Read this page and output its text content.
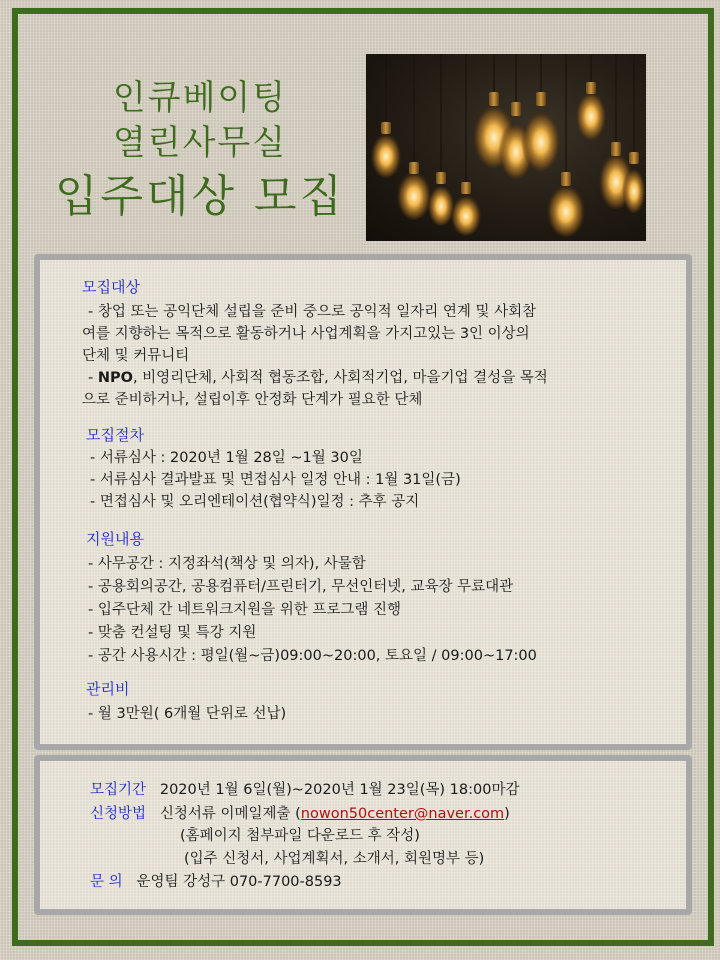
인큐베이팅
열린사무실
입주대상 모집
모집대상

- 창업 또는 공익단체 설립을 준비 중으로 공익적 일자리 연계 및 사회참

여를 지향하는 목적으로 활동하거나 사업계획을 가지고있는 3인 이상의

단체 및 커뮤니티

- NPO, 비영리단체, 사회적 협동조합, 사회적기업, 마을기업 결성을 목적

으로 준비하거나, 설립이후 안정화 단계가 필요한 단체

모집절차

- 서류심사 : 2020년 1월 28일 ~1월 30일

- 서류심사 결과발표 및 면접심사 일정 안내 : 1월 31일(금)

- 면접심사 및 오리엔테이션(협약식)일정 : 추후 공지

지원내용

- 사무공간 : 지정좌석(책상 및 의자), 사물함

- 공용회의공간, 공용컴퓨터/프린터기, 무선인터넷, 교육장 무료대관

- 입주단체 간 네트워크지원을 위한 프로그램 진행

- 맞춤 컨설팅 및 특강 지원

- 공간 사용시간 : 평일(월~금)09:00~20:00, 토요일 / 09:00~17:00

관리비

- 월 3만원( 6개월 단위로 선납)

모집기간 2020년 1월 6일(월)~2020년 1월 23일(목) 18:00마감

신청방법 신청서류 이메일제출 (nowon50center@naver.com)

(홈페이지 첨부파일 다운로드 후 작성)

(입주 신청서, 사업계획서, 소개서, 회원명부 등)

문 의 운영팀 강성구 070-7700-8593
